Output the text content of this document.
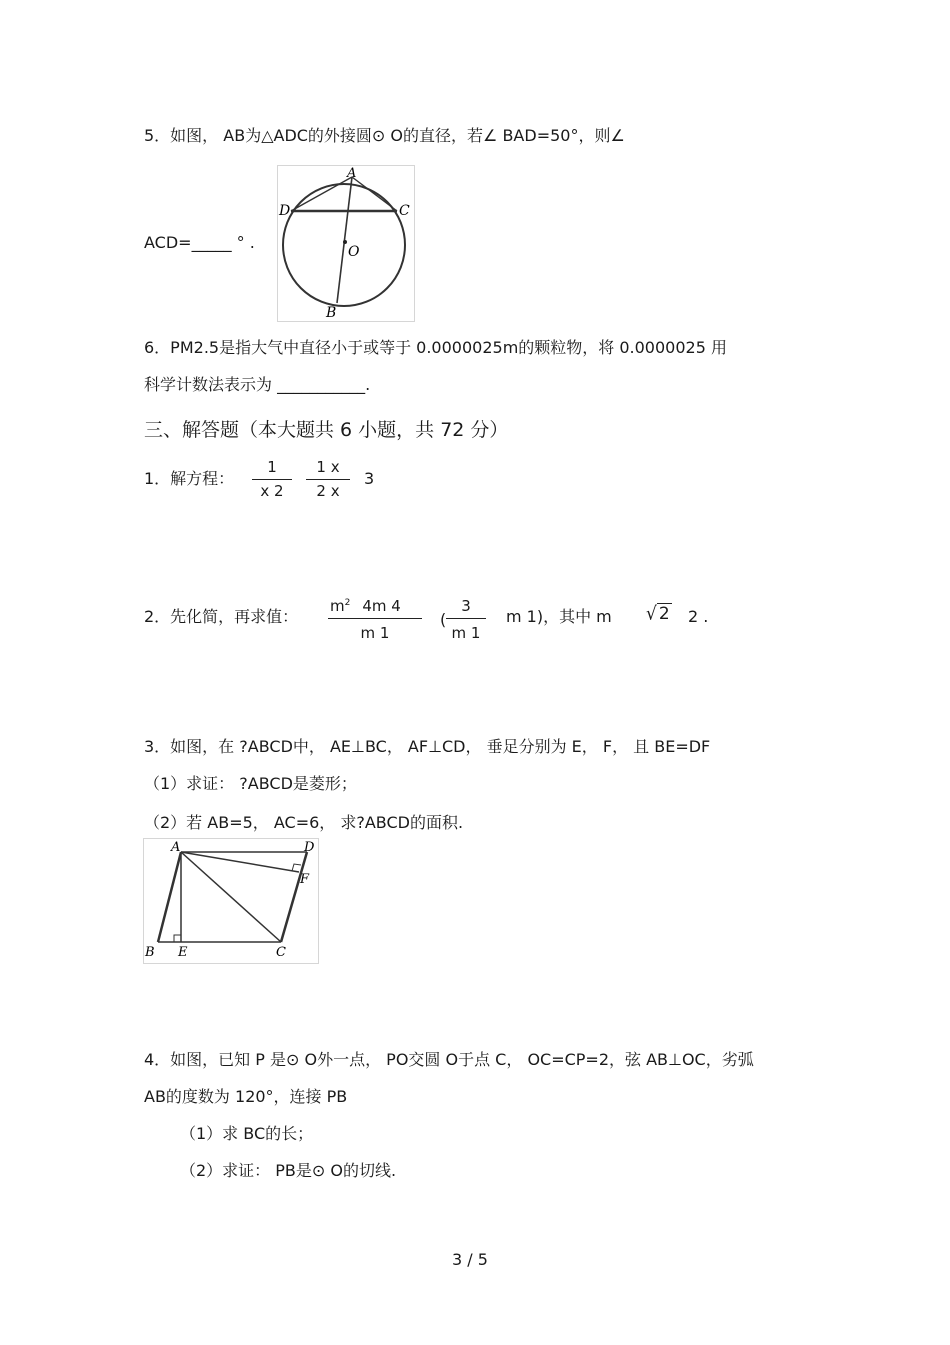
5．如图， AB为△ADC的外接圆⊙ O的直径，若∠ BAD=50°，则∠
ACD=_____ ° .
A
D	C
O
B
6．PM2.5是指大气中直径小于或等于 0.0000025m的颗粒物，将 0.0000025 用
科学计数法表示为 ___________.
三、解答题（本大题共 6 小题，共 72 分）
1．解方程：
1
x 2
1 x
2 x
3
2．先化简，再求值：
$m^2$ 4m 4
m 1
(
3
m 1
m 1)，其中 m √ 2 2 .
3．如图，在 ?ABCD中， AE⊥BC， AF⊥CD， 垂足分别为 E， F， 且 BE=DF
（1）求证： ?ABCD是菱形；
（2）若 AB=5， AC=6， 求?ABCD的面积.
A	D
F
B E	C
4．如图，已知 P 是⊙ O外一点， PO交圆 O于点 C， OC=CP=2，弦 AB⊥OC，劣弧
AB的度数为 120°，连接 PB
（1）求 BC的长；
（2）求证： PB是⊙ O的切线.
3 / 5
